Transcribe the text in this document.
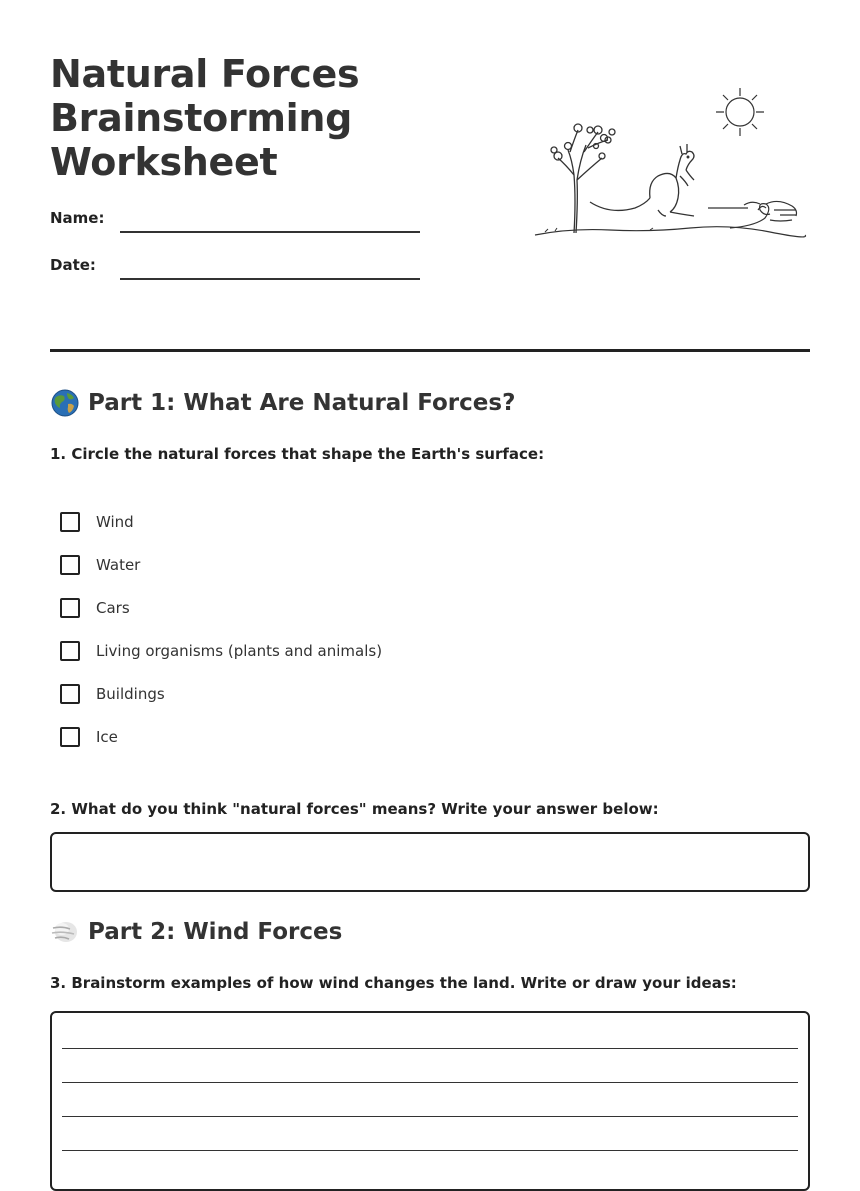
Natural Forces
Brainstorming
Worksheet
Name:
Date:
Part 1: What Are Natural Forces?
1. Circle the natural forces that shape the Earth's surface:
Wind
Water
Cars
Living organisms (plants and animals)
Buildings
Ice
2. What do you think "natural forces" means? Write your answer below:
Part 2: Wind Forces
3. Brainstorm examples of how wind changes the land. Write or draw your ideas:
